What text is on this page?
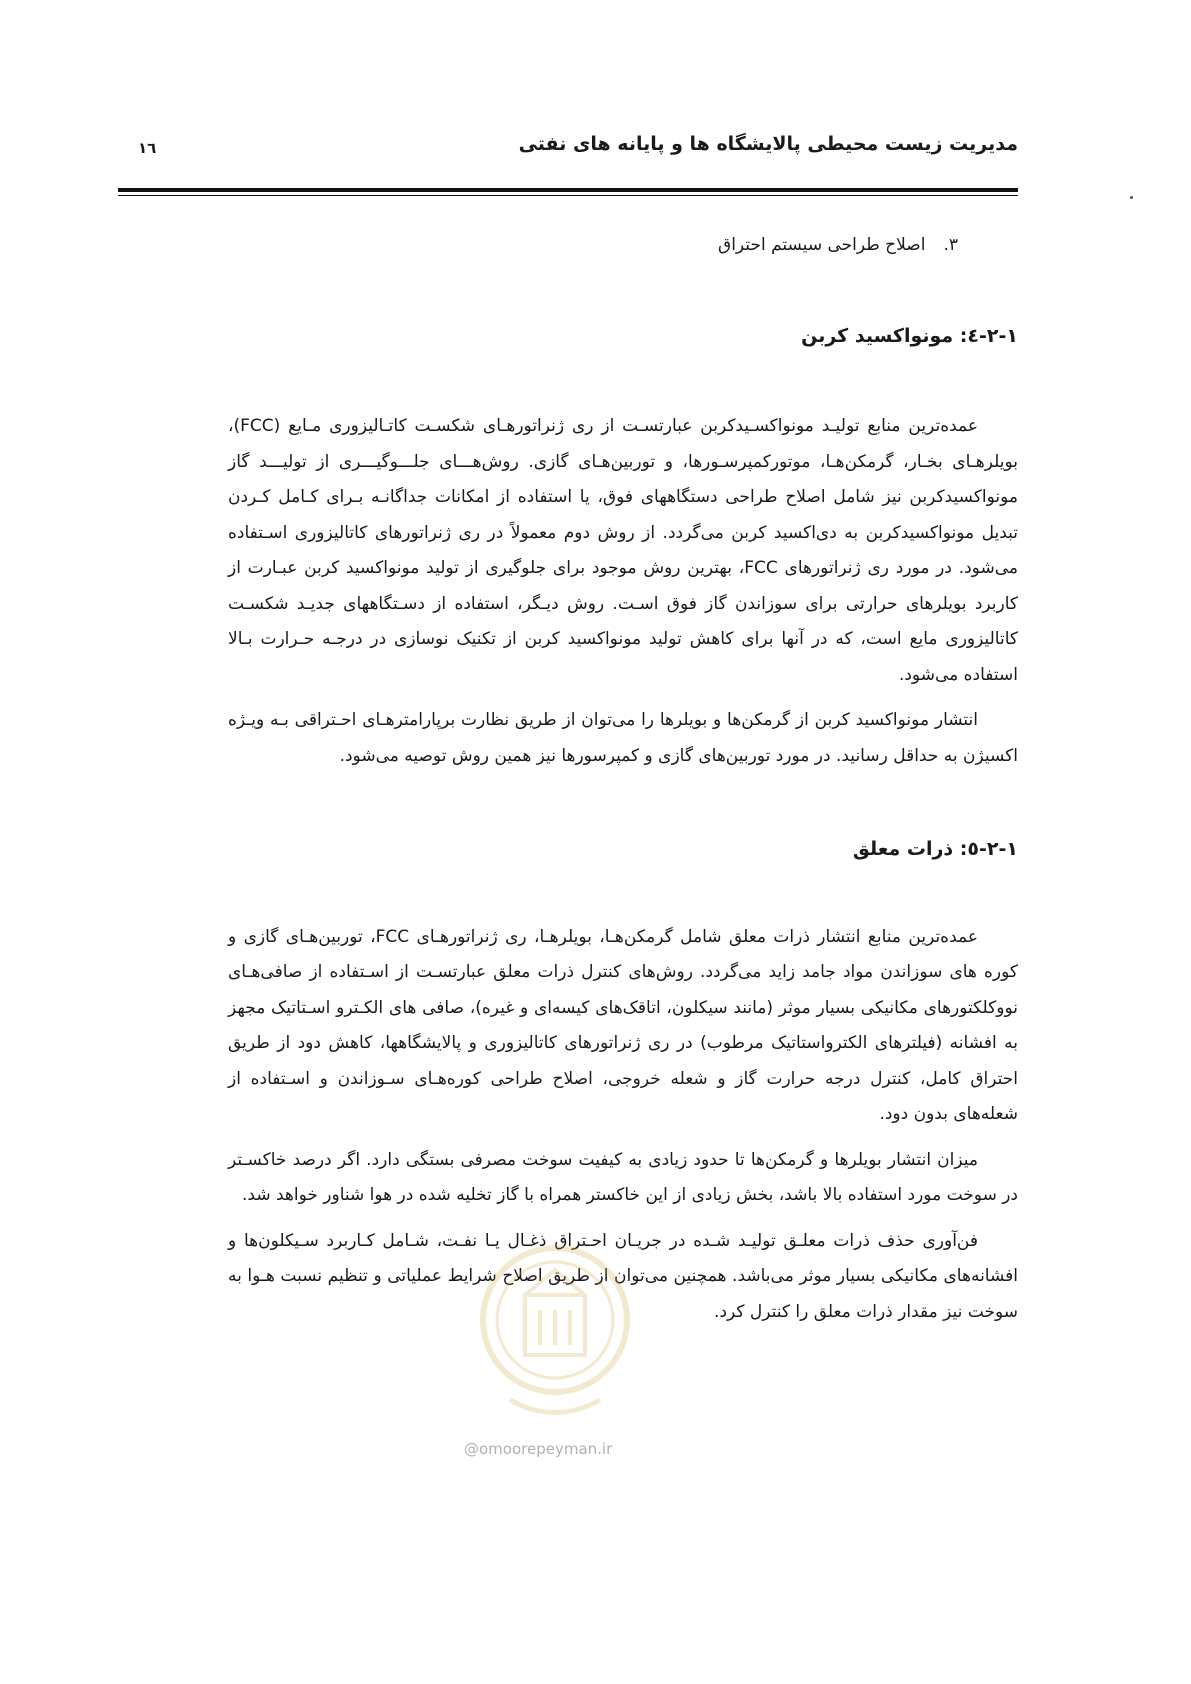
مدیریت زیست محیطی پالایشگاه ها و پایانه های نفتی
١٦

۳.اصلاح طراحی سیستم احتراق

۲-۱-٤: مونواکسید کربن

عمده‌ترین منابع تولیـد مونواکسـیدکربن عبارتسـت از ری ژنراتورهـای شکسـت کاتـالیزوری مـایع (FCC)، بویلرهـای بخـار، گرمکن‌هـا، موتورکمپرسـورها، و توربین‌هـای گازی. روش‌هـــای جلـــوگیـــری از تولیـــد گاز مونواکسیدکربن نیز شامل اصلاح طراحی دستگاههای فوق، یا استفاده از امکانات جداگانـه بـرای کـامل کـردن تبدیل مونواکسیدکربن به دی‌اکسید کربن می‌گردد. از روش دوم معمولاً در ری ژنراتورهای کاتالیزوری اسـتفاده می‌شود. در مورد ری ژنراتورهای FCC، بهترین روش موجود برای جلوگیری از تولید مونواکسید کربن عبـارت از کاربرد بویلرهای حرارتی برای سوزاندن گاز فوق اسـت. روش دیـگر، استفاده از دسـتگاههای جدیـد شکسـت کاتالیزوری مایع است، که در آنها برای کاهش تولید مونواکسید کربن از تکنیک نوسازی در درجـه حـرارت بـالا استفاده می‌شود.

انتشار مونواکسید کربن از گرمکن‌ها و بویلرها را می‌توان از طریق نظارت برپارامترهـای احـتراقی بـه ویـژه اکسیژن به حداقل رسانید. در مورد توربین‌های گازی و کمپرسورها نیز همین روش توصیه می‌شود.

۲-۱-٥: ذرات معلق

عمده‌ترین منابع انتشار ذرات معلق شامل گرمکن‌هـا، بویلرهـا، ری ژنراتورهـای FCC، توربین‌هـای گازی و کوره های سوزاندن مواد جامد زاید می‌گردد. روش‌های کنترل ذرات معلق عبارتسـت از اسـتفاده از صافی‌هـای نووکلکتورهای مکانیکی بسیار موثر (مانند سیکلون، اتاقک‌های کیسه‌ای و غیره)، صافی های الکـترو اسـتاتیک مجهز به افشانه (فیلترهای الکترواستاتیک مرطوب) در ری ژنراتورهای کاتالیزوری و پالایشگاهها، کاهش دود از طریق احتراق کامل، کنترل درجه حرارت گاز و شعله خروجی، اصلاح طراحی کوره‌هـای سـوزاندن و اسـتفاده از شعله‌های بدون دود.

میزان انتشار بویلرها و گرمکن‌ها تا حدود زیادی به کیفیت سوخت مصرفی بستگی دارد. اگر درصد خاکسـتر در سوخت مورد استفاده بالا باشد، بخش زیادی از این خاکستر همراه با گاز تخلیه شده در هوا شناور خواهد شد.

فن‌آوری حذف ذرات معلـق تولیـد شـده در جریـان احـتراق ذغـال یـا نفـت، شـامل کـاربرد سـیکلون‌ها و افشانه‌های مکانیکی بسیار موثر می‌باشد. همچنین می‌توان از طریق اصلاح شرایط عملیاتی و تنظیم نسبت هـوا به سوخت نیز مقدار ذرات معلق را کنترل کرد.

@omoorepeyman.ir
